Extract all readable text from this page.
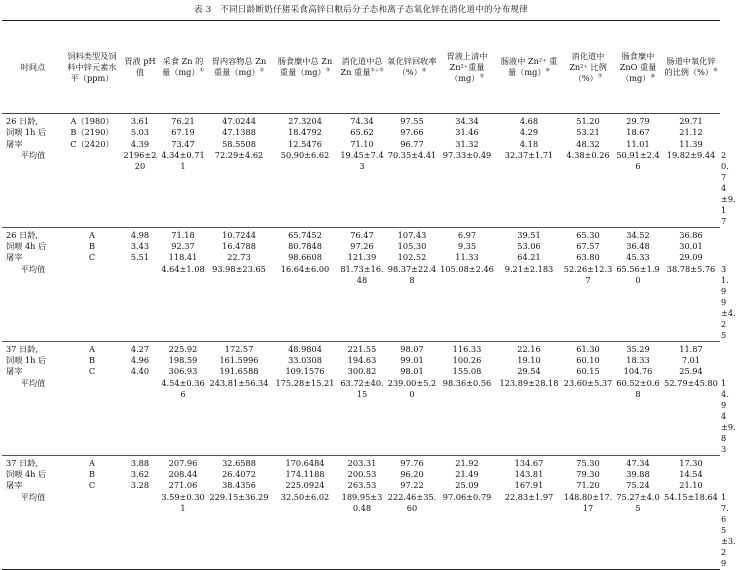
表 3　不同日龄断奶仔猪采食高锌日粮后分子态和离子态氧化锌在消化道中的分布规律
时间点	饲料类型及饲料中锌元素水平（ppm）	胃液 pH 值	采食 Zn 的量（mg）①	胃内容物总 Zn 重量（mg）②	肠食糜中总 Zn 重量（mg）③	消化道中总 Zn 重量②+③	氧化锌回收率（%）④	胃液上清中 Zn²⁺重量（mg）⑤	肠液中 Zn²⁺ 重量（mg）⑥	消化道中 Zn²⁺ 比例（%）⑦	肠食糜中 ZnO 重量（mg）⑧	肠道中氧化锌的比例（%）⑨
26 日龄,	A（1980）	3.61	76.21	47.0244	27.3204	74.34	97.55	34.34	4.68	51.20	29.79	29.71	
饲喂 1h 后	B（2190）	5.03	67.19	47.1388	18.4792	65.62	97.66	31.46	4.29	53.21	18.67	21.12	
屠宰	C（2420）	4.39	73.47	58.5508	12.5476	71.10	96.77	31.32	4.18	48.32	11.01	11.39	
平均值		2196±220	4.34±0.711	72.29±4.62	50.90±6.62	19.45±7.43	70.35±4.41	97.33±0.49	32.37±1.71	4.38±0.26	50.91±2.46	19.82±9.44	20.74±9.17
26 日龄,	A	4.98	71.18	10.7244	65.7452	76.47	107.43	6.97	39.51	65.30	34.52	36.86	
饲喂 4h 后	B	3.43	92.37	16.4788	80.7848	97.26	105.30	9.35	53.06	67.57	36.48	30.01	
屠宰	C	5.51	118.41	22.73	98.6608	121.39	102.52	11.33	64.21	63.80	45.33	29.09	
平均值			4.64±1.08	93.98±23.65	16.64±6.00	81.73±16.48	98.37±22.48	105.08±2.46	9.21±2.183	52.26±12.37	65.56±1.90	38.78±5.76	31.99±4.25
37 日龄,	A	4.27	225.92	172.57	48.9804	221.55	98.07	116.33	22.16	61.30	35.29	11.87	
饲喂 1h 后	B	4.96	198.59	161.5996	33.0308	194.63	99.01	100.26	19.10	60.10	18.33	7.01	
屠宰	C	4.40	306.93	191.6588	109.1576	300.82	98.01	155.08	29.54	60.15	104.76	25.94	
平均值			4.54±0.366	243.81±56.34	175.28±15.21	63.72±40.15	239.00±5.20	98.36±0.56	123.89±28.18	23.60±5.37	60.52±0.68	52.79±45.80	14.94±9.83
37 日龄,	A	3.88	207.96	32.6588	170.6484	203.31	97.76	21.92	134.67	75.30	47.34	17.30	
饲喂 4h 后	B	3.62	208.44	26.4072	174.1188	200.53	96.20	21.49	143.81	79.30	39.88	14.54	
屠宰	C	3.28	271.06	38.4356	225.0924	263.53	97.22	25.09	167.91	71.20	75.24	21.10	
平均值			3.59±0.301	229.15±36.29	32.50±6.02	189.95±30.48	222.46±35.60	97.06±0.79	22.83±1.97	148.80±17.17	75.27±4.05	54.15±18.64	17.65±3.29
